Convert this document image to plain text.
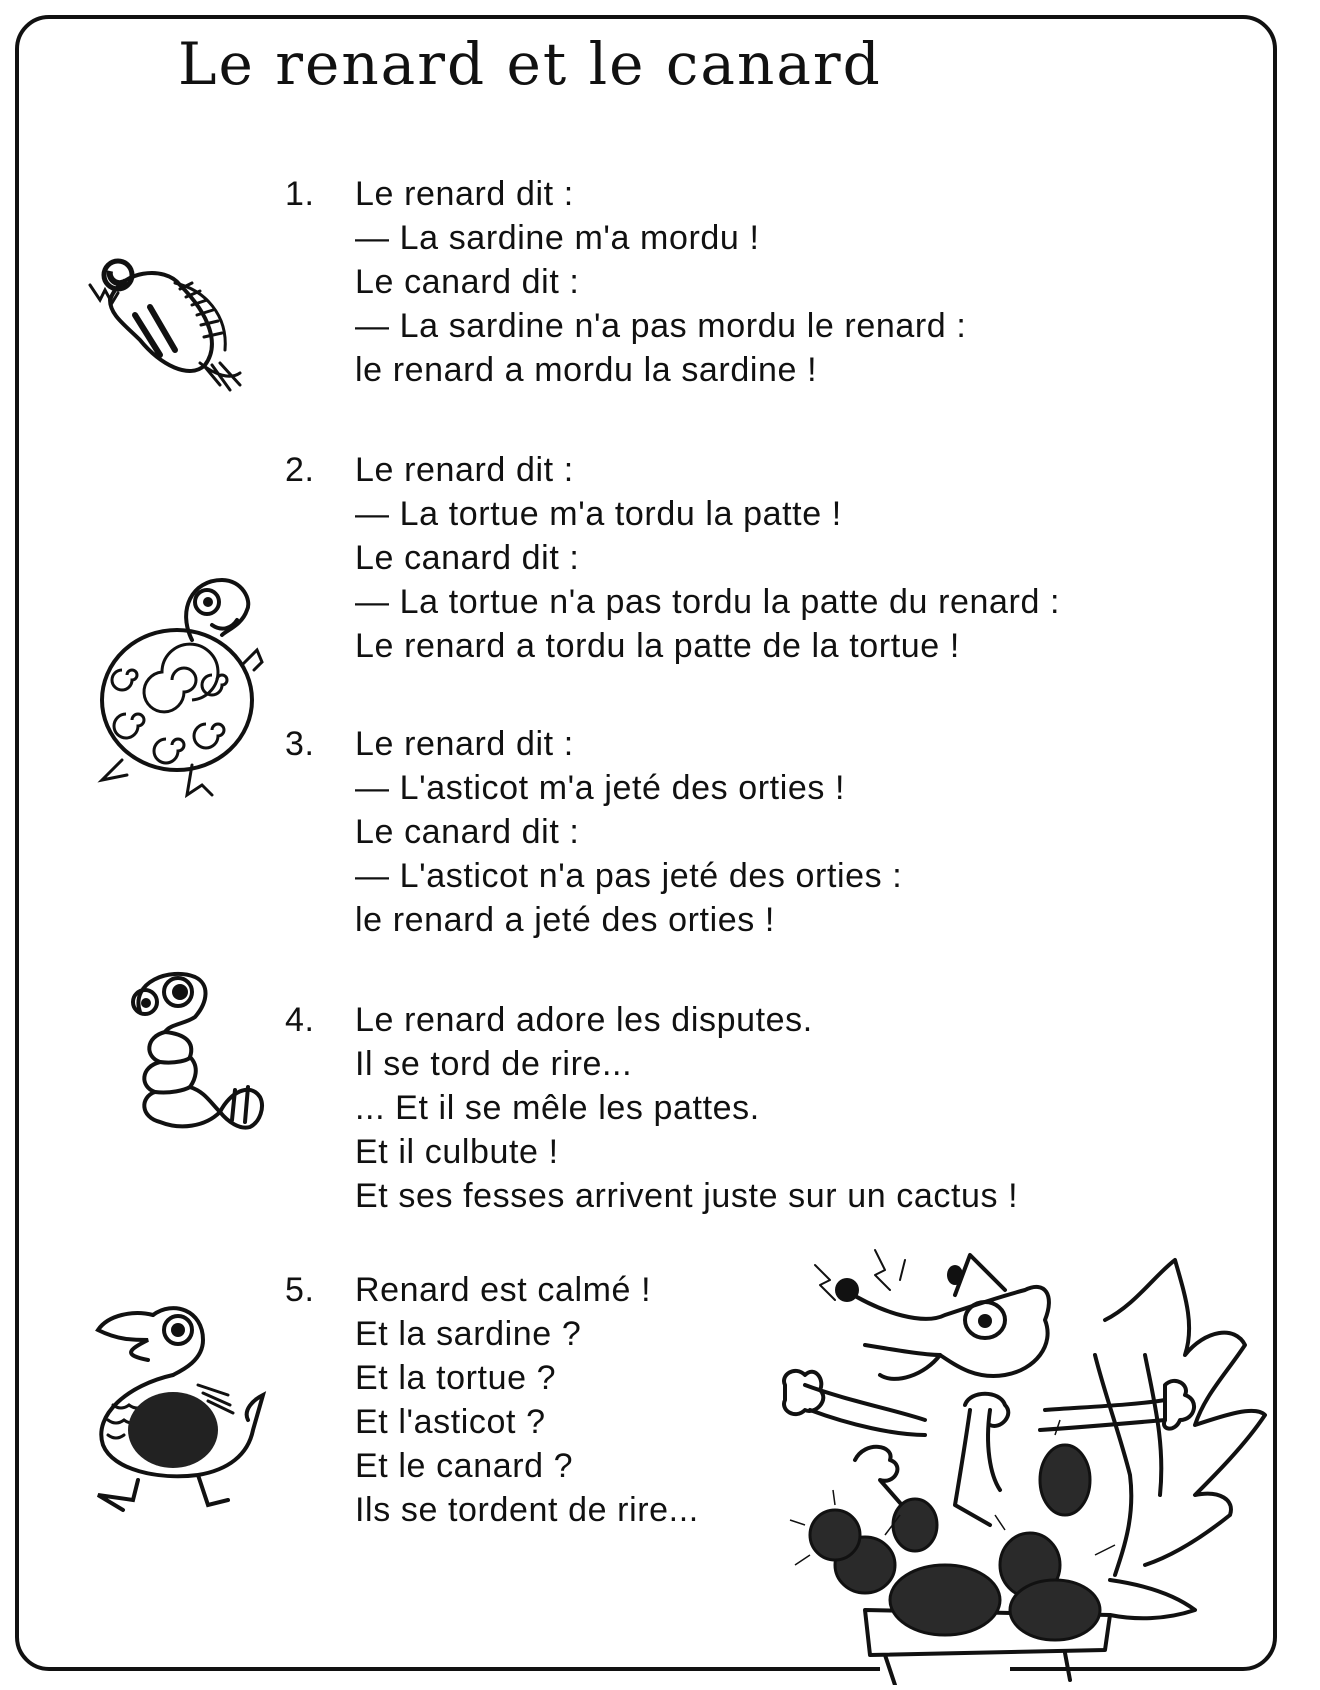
Le renard et le canard
1.	Le renard dit :
— La sardine m'a mordu !
Le canard dit :
— La sardine n'a pas mordu le renard :
le renard a mordu la sardine !
2.	Le renard dit :
— La tortue m'a tordu la patte !
Le canard dit :
— La tortue n'a pas tordu la patte du renard :
Le renard a tordu la patte de la tortue !
3.	Le renard dit :
— L'asticot m'a jeté des orties !
Le canard dit :
— L'asticot n'a pas jeté des orties :
le renard a jeté des orties !
4.	Le renard adore les disputes.
Il se tord de rire...
... Et il se mêle les pattes.
Et il culbute !
Et ses fesses arrivent juste sur un cactus !
5.	Renard est calmé !
Et la sardine ?
Et la tortue ?
Et l'asticot ?
Et le canard ?
Ils se tordent de rire...
